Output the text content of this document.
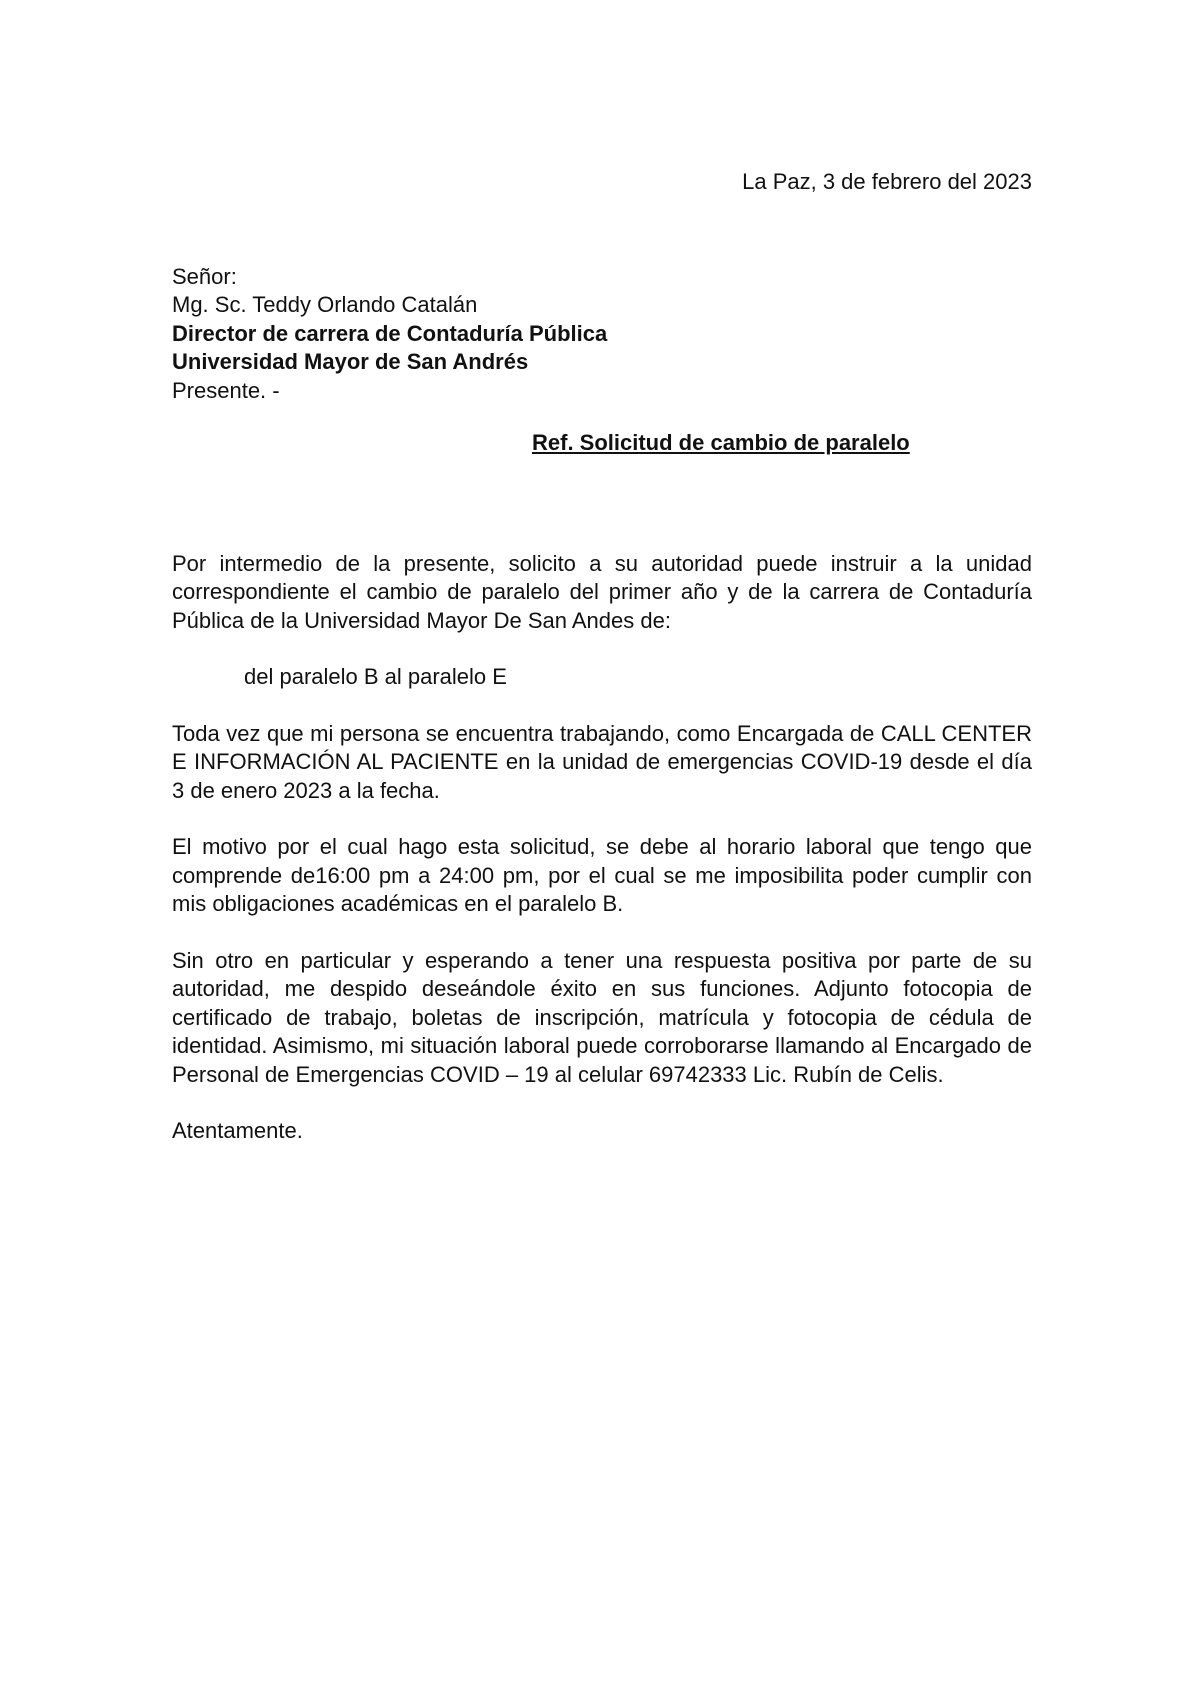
La Paz, 3 de febrero del 2023

Señor:
Mg. Sc. Teddy Orlando Catalán
Director de carrera de Contaduría Pública
Universidad Mayor de San Andrés
Presente. -

Ref. Solicitud de cambio de paralelo

Por intermedio de la presente, solicito a su autoridad puede instruir a la unidad correspondiente el cambio de paralelo del primer año y de la carrera de Contaduría Pública de la Universidad Mayor De San Andes de:

del paralelo B al paralelo E

Toda vez que mi persona se encuentra trabajando, como Encargada de CALL CENTER E INFORMACIÓN AL PACIENTE en la unidad de emergencias COVID-19 desde el día 3 de enero 2023 a la fecha.

El motivo por el cual hago esta solicitud, se debe al horario laboral que tengo que comprende de16:00 pm a 24:00 pm, por el cual se me imposibilita poder cumplir con mis obligaciones académicas en el paralelo B.

Sin otro en particular y esperando a tener una respuesta positiva por parte de su autoridad, me despido deseándole éxito en sus funciones. Adjunto fotocopia de certificado de trabajo, boletas de inscripción, matrícula y fotocopia de cédula de identidad. Asimismo, mi situación laboral puede corroborarse llamando al Encargado de Personal de Emergencias COVID – 19 al celular 69742333 Lic. Rubín de Celis.

Atentamente.
